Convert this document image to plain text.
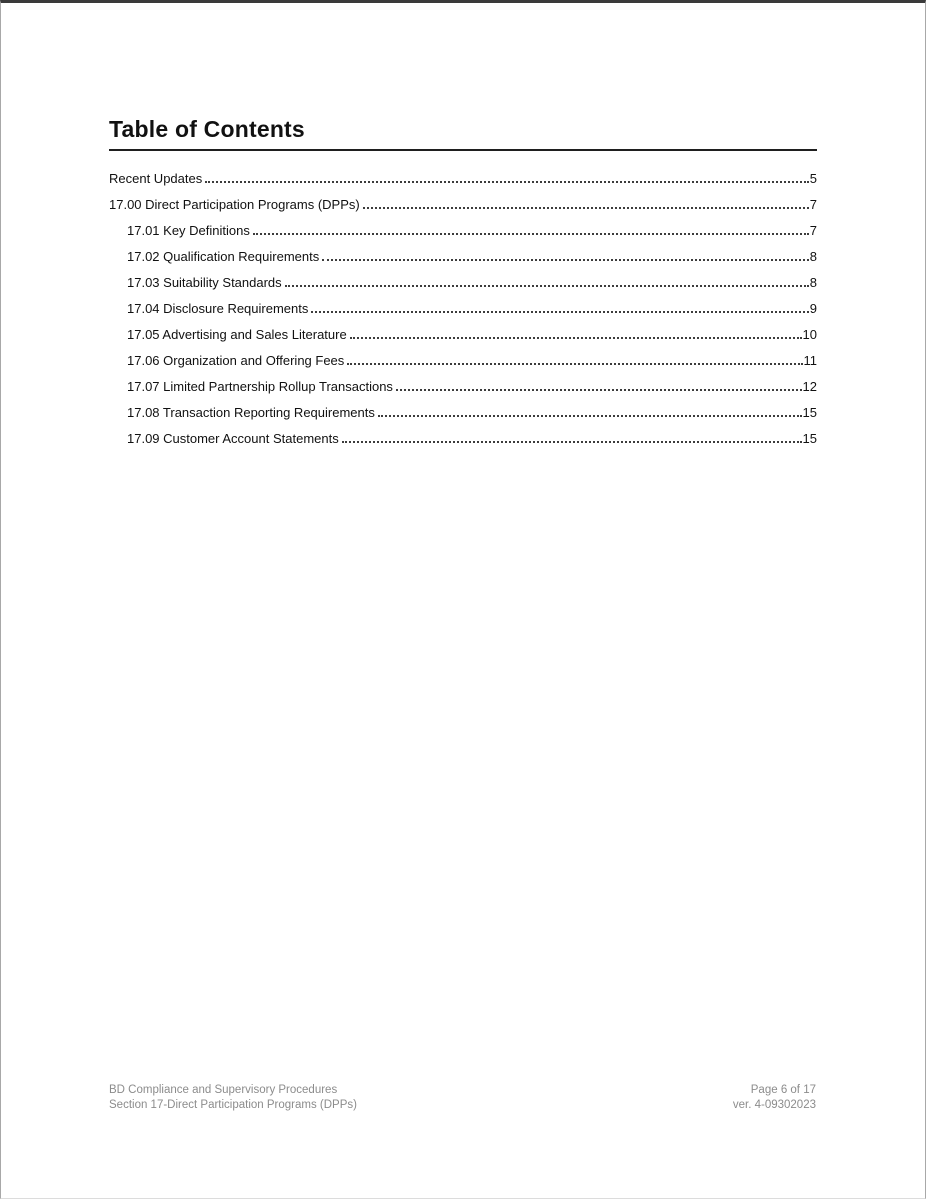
Table of Contents
Recent Updates	5
17.00 Direct Participation Programs (DPPs)	7
17.01 Key Definitions	7
17.02 Qualification Requirements	8
17.03 Suitability Standards	8
17.04 Disclosure Requirements	9
17.05 Advertising and Sales Literature	10
17.06 Organization and Offering Fees	11
17.07 Limited Partnership Rollup Transactions	12
17.08 Transaction Reporting Requirements	15
17.09 Customer Account Statements	15
BD Compliance and Supervisory Procedures
Section 17-Direct Participation Programs (DPPs)
Page 6 of 17
ver. 4-09302023
